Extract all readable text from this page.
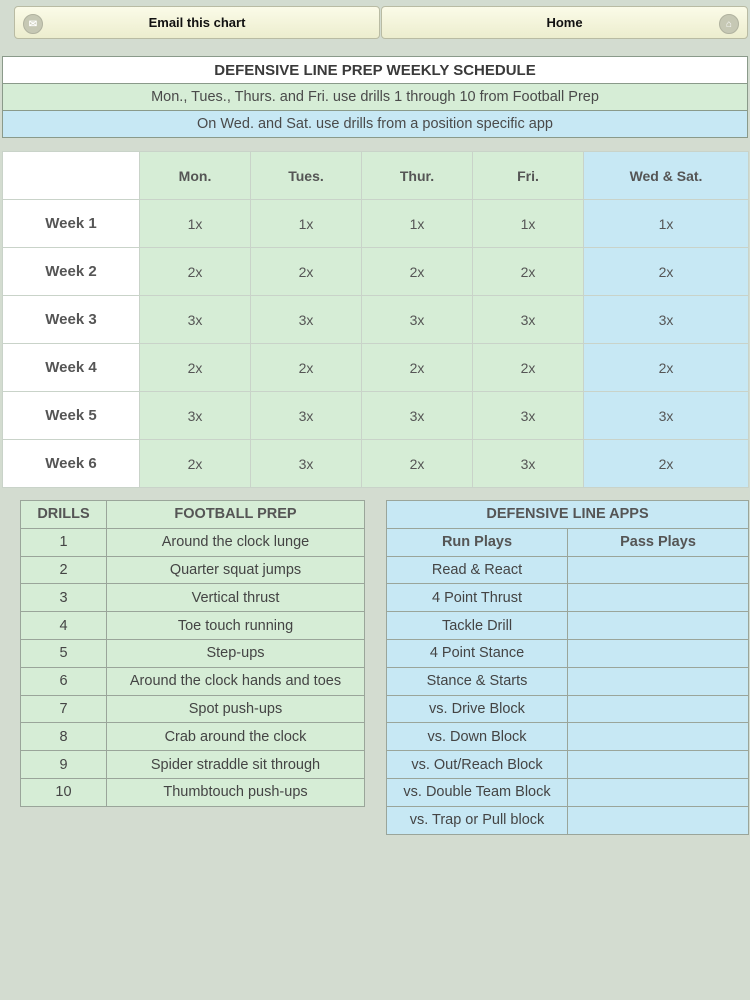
✉	Email this chart	Home	⌂
DEFENSIVE LINE PREP WEEKLY SCHEDULE
Mon., Tues., Thurs. and Fri. use drills 1 through 10 from Football Prep
On Wed. and Sat. use drills from a position specific app
	Mon.	Tues.	Thur.	Fri.	Wed & Sat.
Week 1	1x	1x	1x	1x	1x
Week 2	2x	2x	2x	2x	2x
Week 3	3x	3x	3x	3x	3x
Week 4	2x	2x	2x	2x	2x
Week 5	3x	3x	3x	3x	3x
Week 6	2x	3x	2x	3x	2x
DRILLS	FOOTBALL PREP
1	Around the clock lunge
2	Quarter squat jumps
3	Vertical thrust
4	Toe touch running
5	Step-ups
6	Around the clock hands and toes
7	Spot push-ups
8	Crab around the clock
9	Spider straddle sit through
10	Thumbtouch push-ups
DEFENSIVE LINE APPS	
Run Plays	Pass Plays
Read & React	
4 Point Thrust	
Tackle Drill	
4 Point Stance	
Stance & Starts	
vs. Drive Block	
vs. Down Block	
vs. Out/Reach Block	
vs. Double Team Block	
vs. Trap or Pull block	
